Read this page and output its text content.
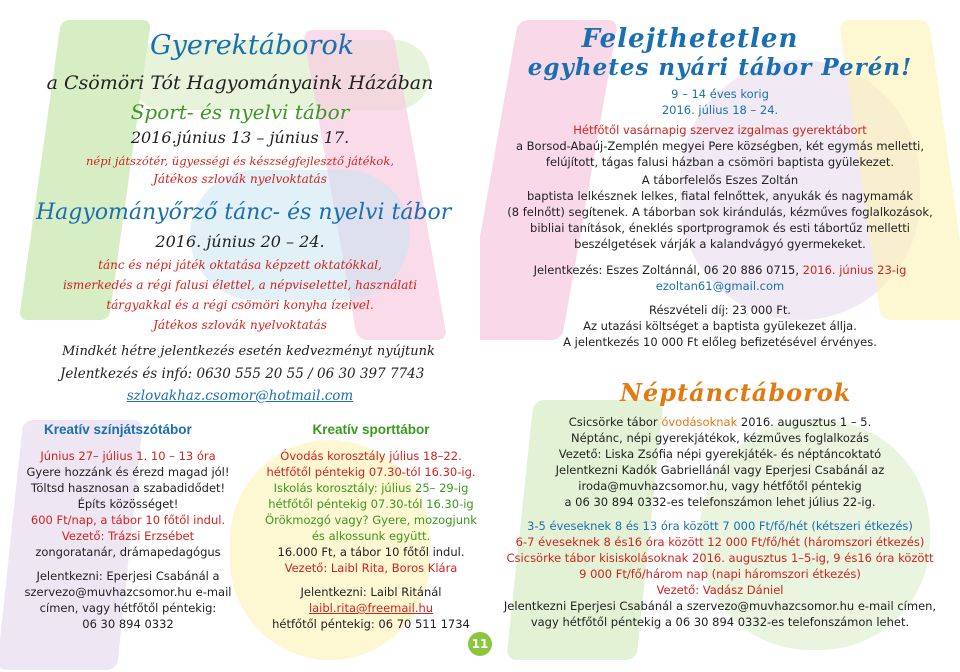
Gyerektáborok
a Csömöri Tót Hagyományaink Házában
Sport- és nyelvi tábor
2016.június 13 – június 17.
népi játszótér, ügyességi és készségfejlesztő játékok,
Játékos szlovák nyelvoktatás
Hagyományőrző tánc- és nyelvi tábor
2016. június 20 – 24.
tánc és népi játék oktatása képzett oktatókkal,
ismerkedés a régi falusi élettel, a népviselettel, használati
tárgyakkal és a régi csömöri konyha ízeivel.
Játékos szlovák nyelvoktatás
Mindkét hétre jelentkezés esetén kedvezményt nyújtunk
Jelentkezés és infó: 0630 555 20 55 / 06 30 397 7743
szlovakhaz.csomor@hotmail.com
Kreatív színjátszótábor
Június 27– július 1. 10 – 13 óra
Gyere hozzánk és érezd magad jól!
Töltsd hasznosan a szabadidődet!
Építs közösséget!
600 Ft/nap, a tábor 10 főtől indul.
Vezető: Trázsi Erzsébet
zongoratanár, drámapedagógus
Jelentkezni: Eperjesi Csabánál a
szervezo@muvhazcsomor.hu e-mail
címen, vagy hétfőtől péntekig:
06 30 894 0332
Kreatív sporttábor
Óvodás korosztály július 18–22.
hétfőtől péntekig 07.30-tól 16.30-ig.
Iskolás korosztály: július 25– 29-ig
hétfőtől péntekig 07.30-tól 16.30-ig
Örökmozgó vagy? Gyere, mozogjunk
és alkossunk együtt.
16.000 Ft, a tábor 10 főtől indul.
Vezető: Laibl Rita, Boros Klára
Jelentkezni: Laibl Ritánál
laibl.rita@freemail.hu
hétfőtől péntekig: 06 70 511 1734
11
Felejthetetlen
egyhetes nyári tábor Perén!
9 – 14 éves korig
2016. július 18 – 24.
Hétfőtől vasárnapig szervez izgalmas gyerektábort
a Borsod-Abaúj-Zemplén megyei Pere községben, két egymás melletti,
felújított, tágas falusi házban a csömöri baptista gyülekezet.
A táborfelelős Eszes Zoltán
baptista lelkésznek lelkes, fiatal felnőttek, anyukák és nagymamák
(8 felnőtt) segítenek. A táborban sok kirándulás, kézműves foglalkozások,
bibliai tanítások, éneklés sportprogramok és esti tábortűz melletti
beszélgetések várják a kalandvágyó gyermekeket.
Jelentkezés: Eszes Zoltánnál, 06 20 886 0715, 2016. június 23-ig
ezoltan61@gmail.com
Részvételi díj: 23 000 Ft.
Az utazási költséget a baptista gyülekezet állja.
A jelentkezés 10 000 Ft előleg befizetésével érvényes.
Néptánctáborok
Csicsörke tábor óvodásoknak 2016. augusztus 1 – 5.
Néptánc, népi gyerekjátékok, kézműves foglalkozás
Vezető: Liska Zsófia népi gyerekjáték- és néptáncoktató
Jelentkezni Kadók Gabriellánál vagy Eperjesi Csabánál az
iroda@muvhazcsomor.hu, vagy hétfőtől péntekig
a 06 30 894 0332-es telefonszámon lehet július 22-ig.
3-5 éveseknek 8 és 13 óra között 7 000 Ft/fő/hét (kétszeri étkezés)
6-7 éveseknek 8 és16 óra között 12 000 Ft/fő/hét (háromszori étkezés)
Csicsörke tábor kisiskolásoknak 2016. augusztus 1–5-ig, 9 és16 óra között
9 000 Ft/fő/három nap (napi háromszori étkezés)
Vezető: Vadász Dániel
Jelentkezni Eperjesi Csabánál a szervezo@muvhazcsomor.hu e-mail címen,
vagy hétfőtől péntekig a 06 30 894 0332-es telefonszámon lehet.
